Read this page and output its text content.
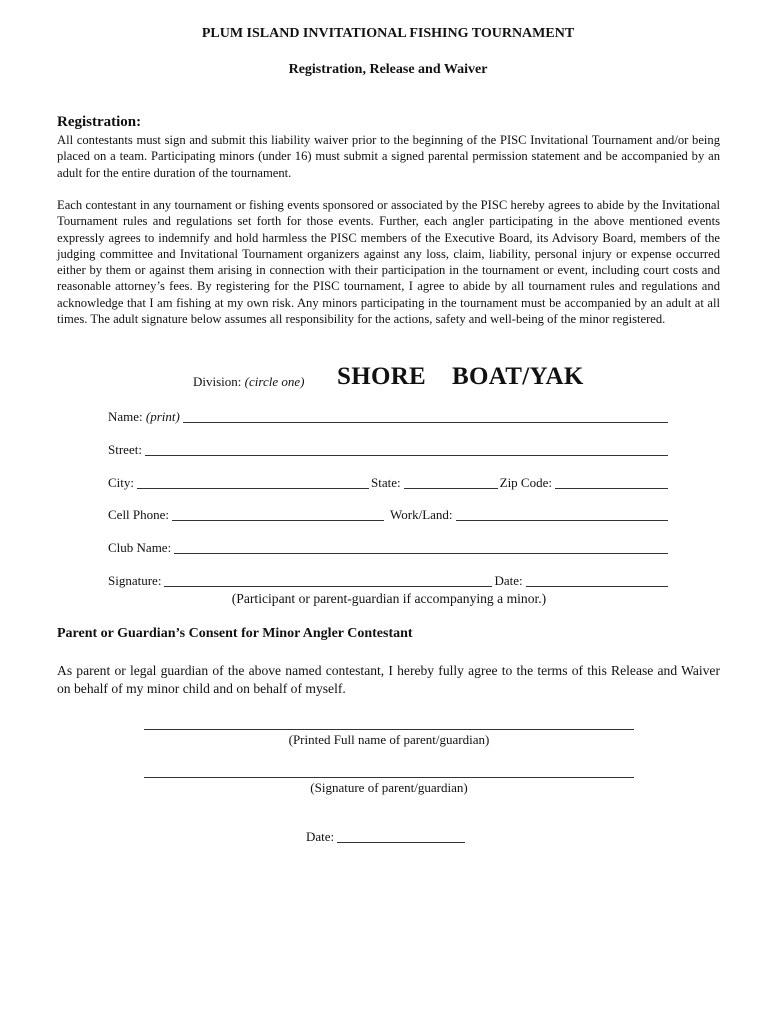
PLUM ISLAND INVITATIONAL FISHING TOURNAMENT
Registration, Release and Waiver
Registration:

All contestants must sign and submit this liability waiver prior to the beginning of the PISC Invitational Tournament and/or being placed on a team. Participating minors (under 16) must submit a signed parental permission statement and be accompanied by an adult for the entire duration of the tournament.

Each contestant in any tournament or fishing events sponsored or associated by the PISC hereby agrees to abide by the Invitational Tournament rules and regulations set forth for those events. Further, each angler participating in the above mentioned events expressly agrees to indemnify and hold harmless the PISC members of the Executive Board, its Advisory Board, members of the judging committee and Invitational Tournament organizers against any loss, claim, liability, personal injury or expense occurred either by them or against them arising in connection with their participation in the tournament or event, including court costs and reasonable attorney’s fees. By registering for the PISC tournament, I agree to abide by all tournament rules and regulations and acknowledge that I am fishing at my own risk. Any minors participating in the tournament must be accompanied by an adult at all times. The adult signature below assumes all responsibility for the actions, safety and well-being of the minor registered.

Division: (circle one) SHORE BOAT/YAK
Name:
(print)
Street:
City:	State:	Zip Code:
Cell Phone:	Work/Land:
Club Name:
Signature:	Date:
(Participant or parent-guardian if accompanying a minor.)
Parent or Guardian’s Consent for Minor Angler Contestant

As parent or legal guardian of the above named contestant, I hereby fully agree to the terms of this Release and Waiver on behalf of my minor child and on behalf of myself.

(Printed Full name of parent/guardian)
(Signature of parent/guardian)
Date:
